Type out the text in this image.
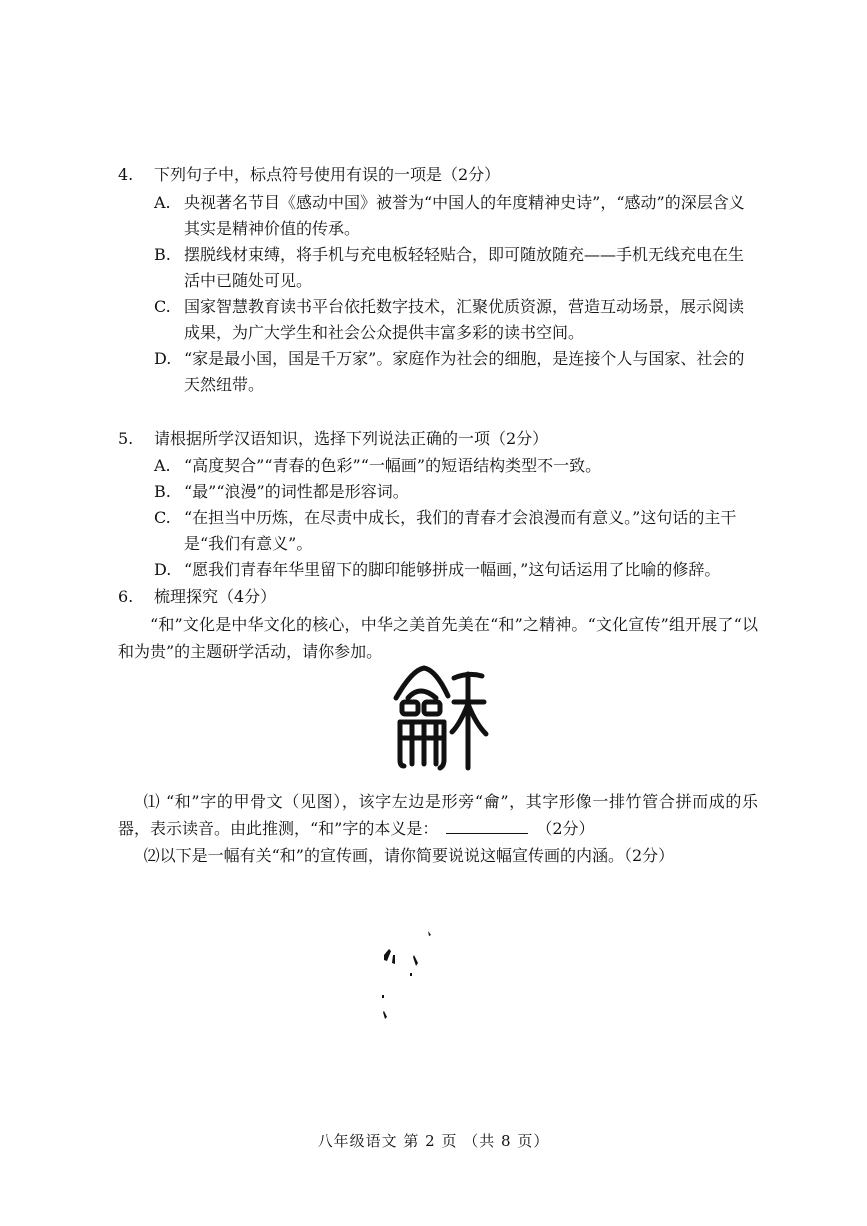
4. 下列句子中，标点符号使用有误的一项是（2分）
A. 央视著名节目《感动中国》被誉为“中国人的年度精神史诗”，“感动”的深层含义其实是精神价值的传承。
B. 摆脱线材束缚，将手机与充电板轻轻贴合，即可随放随充——手机无线充电在生活中已随处可见。
C. 国家智慧教育读书平台依托数字技术，汇聚优质资源，营造互动场景，展示阅读成果，为广大学生和社会公众提供丰富多彩的读书空间。
D. “家是最小国，国是千万家”。家庭作为社会的细胞，是连接个人与国家、社会的天然纽带。
5. 请根据所学汉语知识，选择下列说法正确的一项（2分）
A. “高度契合”“青春的色彩”“一幅画”的短语结构类型不一致。
B. “最”“浪漫”的词性都是形容词。
C. “在担当中历炼，在尽责中成长，我们的青春才会浪漫而有意义。”这句话的主干是“我们有意义”。
D. “愿我们青春年华里留下的脚印能够拼成一幅画，”这句话运用了比喻的修辞。
6. 梳理探究（4分）
“和”文化是中华文化的核心，中华之美首先美在“和”之精神。“文化宣传”组开展了“以和为贵”的主题研学活动，请你参加。
⑴ “和”字的甲骨文（见图），该字左边是形旁“龠”，其字形像一排竹管合拼而成的乐器，表示读音。由此推测，“和”字的本义是：	（2分）
⑵以下是一幅有关“和”的宣传画，请你简要说说这幅宣传画的内涵。（2分）
八年级语文 第 2 页 （共 8 页）
